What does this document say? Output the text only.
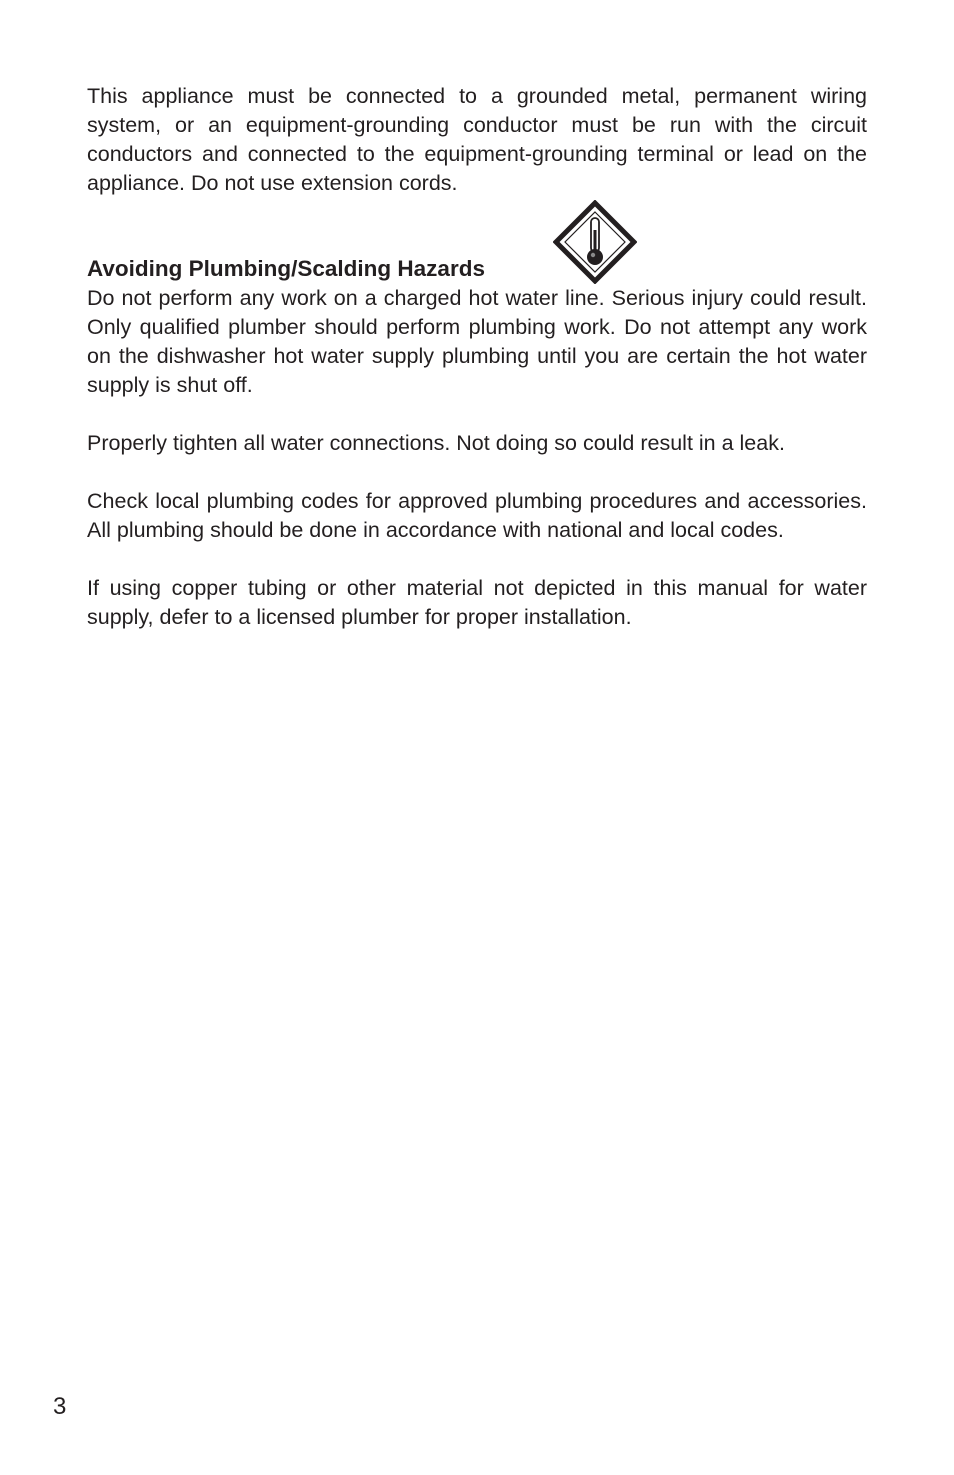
This appliance must be connected to a grounded metal, permanent wiring system, or an equipment-grounding conductor must be run with the circuit conductors and connected to the equipment-grounding terminal or lead on the appliance. Do not use extension cords.

Avoiding Plumbing/Scalding Hazards

Do not perform any work on a charged hot water line. Serious injury could result. Only qualified plumber should perform plumbing work. Do not attempt any work on the dishwasher hot water supply plumbing until you are certain the hot water supply is shut off.

Properly tighten all water connections. Not doing so could result in a leak.

Check local plumbing codes for approved plumbing procedures and accessories. All plumbing should be done in accordance with national and local codes.

If using copper tubing or other material not depicted in this manual for water supply, defer to a licensed plumber for proper installation.

3
